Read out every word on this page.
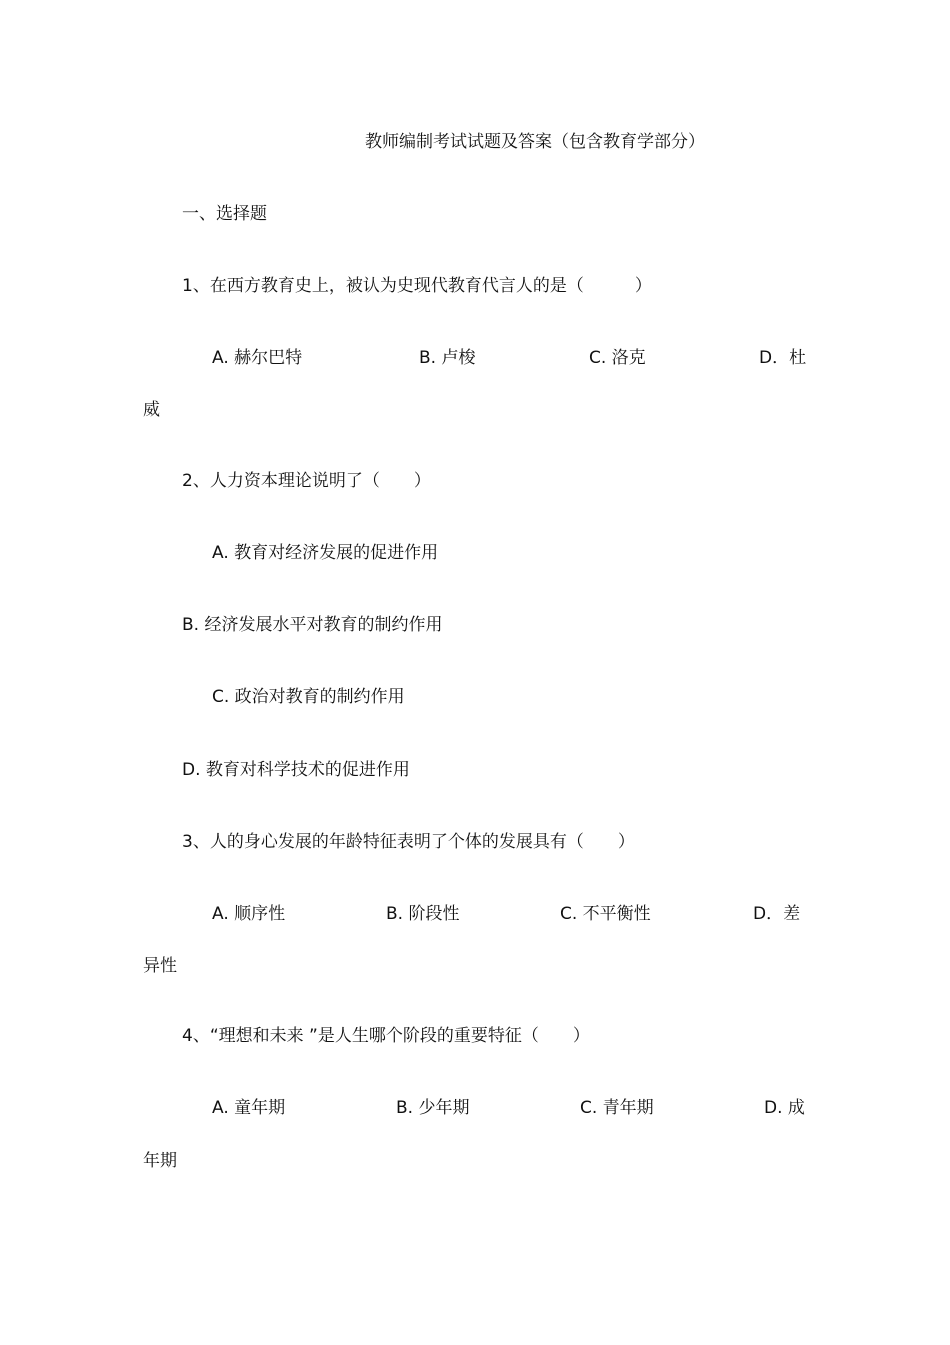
教师编制考试试题及答案（包含教育学部分）
一、选择题
1、在西方教育史上，被认为史现代教育代言人的是（　　　）
A. 赫尔巴特	B. 卢梭	C. 洛克	D．杜
威
2、人力资本理论说明了（　　）
A. 教育对经济发展的促进作用
B. 经济发展水平对教育的制约作用
C. 政治对教育的制约作用
D. 教育对科学技术的促进作用
3、人的身心发展的年龄特征表明了个体的发展具有（　　）
A. 顺序性	B. 阶段性	C. 不平衡性	D．差
异性
4、“理想和未来 ”是人生哪个阶段的重要特征（　　）
A. 童年期	B. 少年期	C. 青年期	D. 成
年期
